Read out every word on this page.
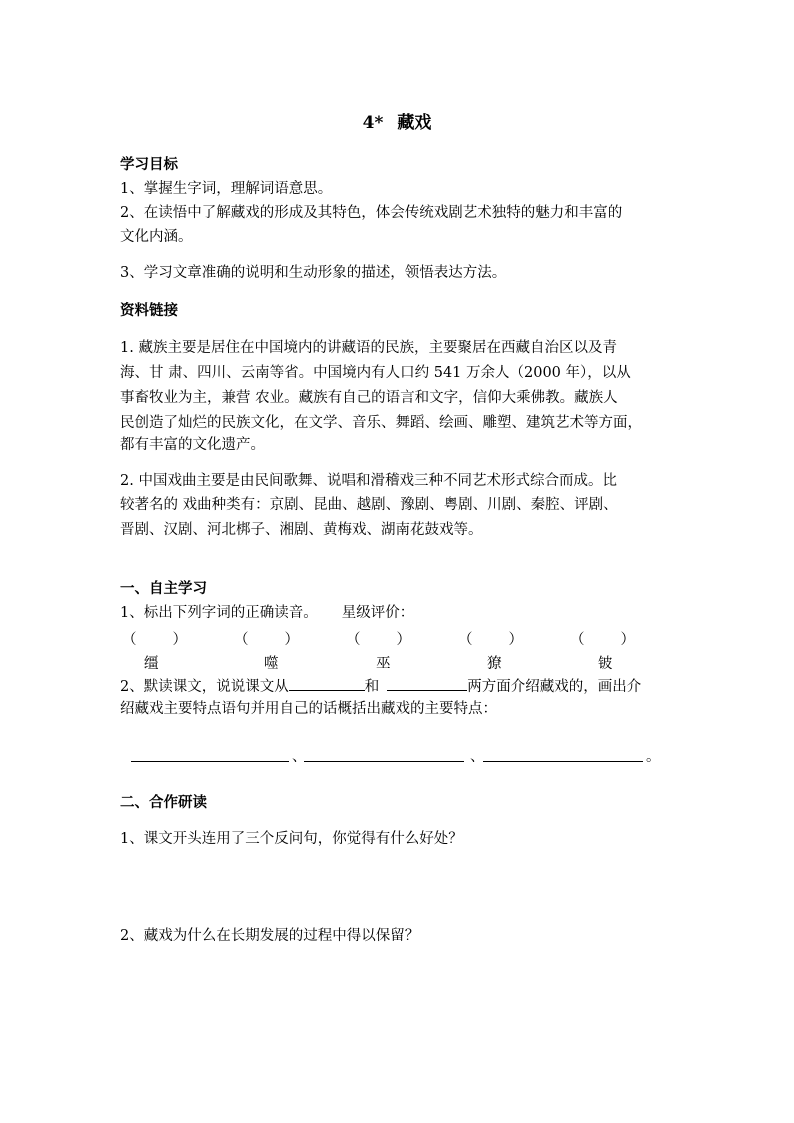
4* 藏戏
学习目标
1、掌握生字词，理解词语意思。
2、在读悟中了解藏戏的形成及其特色，体会传统戏剧艺术独特的魅力和丰富的
文化内涵。
3、学习文章准确的说明和生动形象的描述，领悟表达方法。
资料链接
1. 藏族主要是居住在中国境内的讲藏语的民族，主要聚居在西藏自治区以及青
海、甘 肃、四川、云南等省。中国境内有人口约 541 万余人（2000 年），以从
事畜牧业为主，兼营 农业。藏族有自己的语言和文字，信仰大乘佛教。藏族人
民创造了灿烂的民族文化，在文学、音乐、舞蹈、绘画、雕塑、建筑艺术等方面，
都有丰富的文化遗产。
2. 中国戏曲主要是由民间歌舞、说唱和滑稽戏三种不同艺术形式综合而成。比
较著名的 戏曲种类有：京剧、昆曲、越剧、豫剧、粤剧、川剧、秦腔、评剧、
晋剧、汉剧、河北梆子、湘剧、黄梅戏、湖南花鼓戏等。
一、自主学习
1、标出下列字词的正确读音。 星级评价：
（ ）	（ ）	（ ）	（ ）	（ ）
缰	噬	巫	獠	铍
2、默读课文，说说课文从	和	两方面介绍藏戏的，画出介
绍藏戏主要特点语句并用自己的话概括出藏戏的主要特点：
、	、	。
二、合作研读
1、课文开头连用了三个反问句，你觉得有什么好处？
2、藏戏为什么在长期发展的过程中得以保留？
